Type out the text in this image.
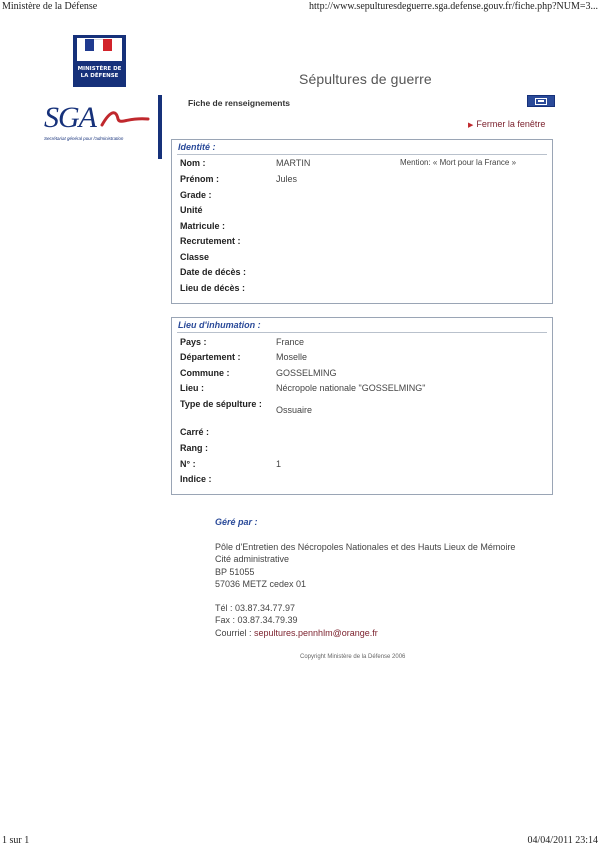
Ministère de la Défense	http://www.sepulturesdeguerre.sga.defense.gouv.fr/fiche.php?NUM=3...
1 sur 1	04/04/2011 23:14
MINISTÈRE DE LA DÉFENSE	Sépultures de guerre
SGA
Secrétariat général pour l'administration
Fiche de renseignements
▶ Fermer la fenêtre
Identité :
Nom :	MARTIN	Mention: « Mort pour la France »
Prénom :	Jules
Grade :
Unité
Matricule :
Recrutement :
Classe
Date de décès :
Lieu de décès :
Lieu d'inhumation :
Pays :	France
Département :	Moselle
Commune :	GOSSELMING
Lieu :	Nécropole nationale "GOSSELMING"
Type de sépulture :
Ossuaire
Carré :
Rang :
N° :	1
Indice :
Géré par :
Pôle d'Entretien des Nécropoles Nationales et des Hauts Lieux de Mémoire
Cité administrative
BP 51055
57036 METZ cedex 01
Tél : 03.87.34.77.97
Fax : 03.87.34.79.39
Courriel : sepultures.pennhlm@orange.fr
Copyright Ministère de la Défense 2006
